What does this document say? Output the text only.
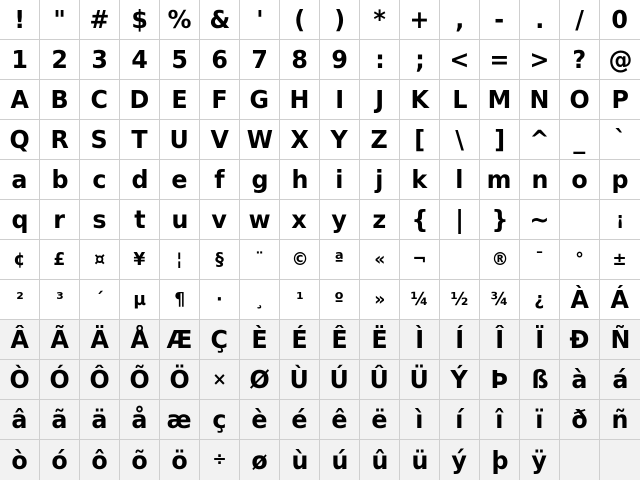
! " # $ % & ' ( ) * + , - . / 0
1 2 3 4 5 6 7 8 9 : ; < = > ? @
A B C D E F G H I J K L M N O P
Q R S T U V W X Y Z [ \ ] ^ _ `
a b c d e f g h i j k l m n o p
q r s t u v w x y z { | } ~	¡
¢ £ ¤ ¥ ¦ § ¨ © ª « ¬	® ¯ ° ±
² ³ ´ µ ¶ · ¸ ¹ º » ¼ ½ ¾ ¿ À Á
Â Ã Ä Å Æ Ç È É Ê Ë Ì Í Î Ï Ð Ñ
Ò Ó Ô Õ Ö × Ø Ù Ú Û Ü Ý Þ ß à á
â ã ä å æ ç è é ê ë ì í î ï ð ñ
ò ó ô õ ö ÷ ø ù ú û ü ý þ ÿ
